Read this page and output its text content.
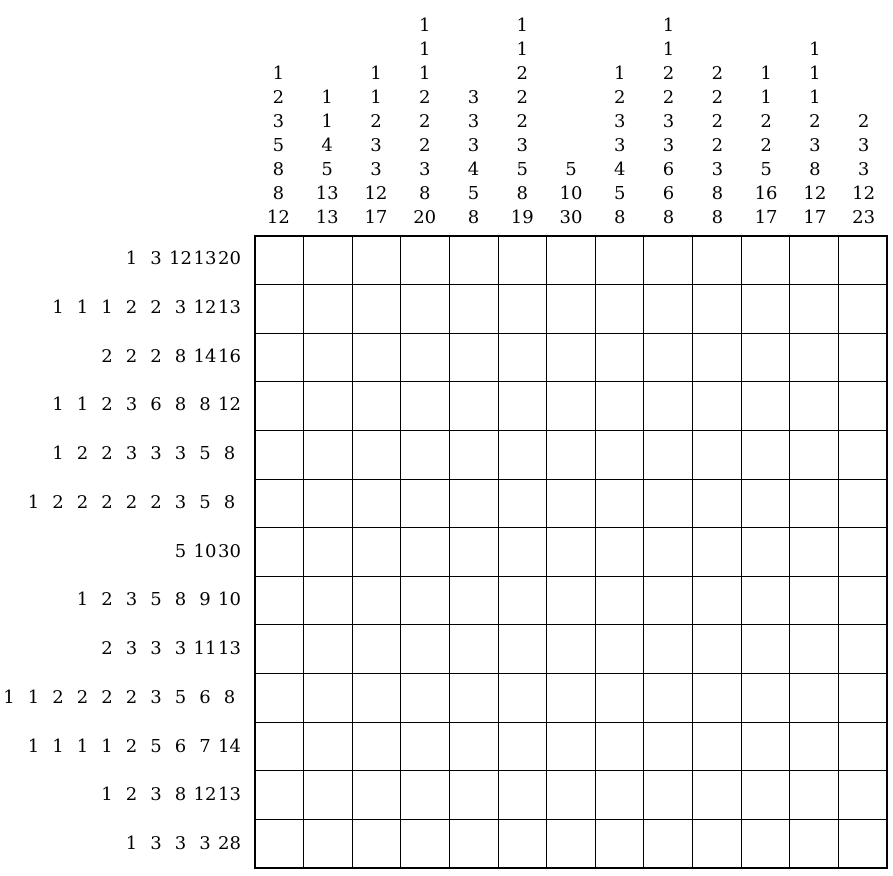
1
2
3
5
8
8
12
1
1
4
5
13
13
1
1
2
3
3
12
17
1
1
1
2
2
2
3
8
20
3
3
3
4
5
8
1
1
2
2
2
3
5
8
19
5
10
30
1
2
3
3
4
5
8
1
1
2
2
3
3
6
6
8
2
2
2
2
3
8
8
1
1
2
2
5
16
17
1
1
1
2
3
8
12
17
2
3
3
12
23
1 3 12 13 20
1 1 1 2 2 3 12 13
2 2 2 8 14 16
1 1 2 3 6 8 8 12
1 2 2 3 3 3 5 8
1 2 2 2 2 2 3 5 8
5 10 30
1 2 3 5 8 9 10
2 3 3 3 11 13
1 1 2 2 2 2 3 5 6 8
1 1 1 1 2 5 6 7 14
1 2 3 8 12 13
1 3 3 3 28
